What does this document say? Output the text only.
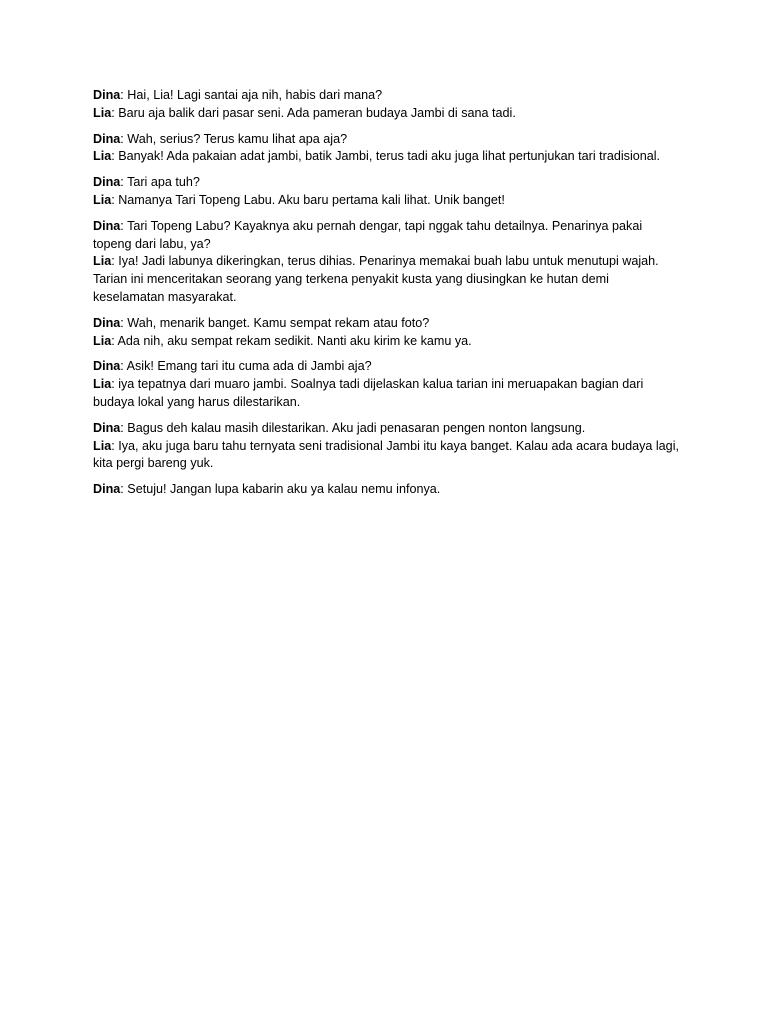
Dina: Hai, Lia! Lagi santai aja nih, habis dari mana?

Lia: Baru aja balik dari pasar seni. Ada pameran budaya Jambi di sana tadi.

Dina: Wah, serius? Terus kamu lihat apa aja?

Lia: Banyak! Ada pakaian adat jambi, batik Jambi, terus tadi aku juga lihat pertunjukan tari tradisional.

Dina: Tari apa tuh?

Lia: Namanya Tari Topeng Labu. Aku baru pertama kali lihat. Unik banget!

Dina: Tari Topeng Labu? Kayaknya aku pernah dengar, tapi nggak tahu detailnya. Penarinya pakai topeng dari labu, ya?

Lia: Iya! Jadi labunya dikeringkan, terus dihias. Penarinya memakai buah labu untuk menutupi wajah. Tarian ini menceritakan seorang yang terkena penyakit kusta yang diusingkan ke hutan demi keselamatan masyarakat.

Dina: Wah, menarik banget. Kamu sempat rekam atau foto?

Lia: Ada nih, aku sempat rekam sedikit. Nanti aku kirim ke kamu ya.

Dina: Asik! Emang tari itu cuma ada di Jambi aja?

Lia: iya tepatnya dari muaro jambi. Soalnya tadi dijelaskan kalua tarian ini meruapakan bagian dari budaya lokal yang harus dilestarikan.

Dina: Bagus deh kalau masih dilestarikan. Aku jadi penasaran pengen nonton langsung.

Lia: Iya, aku juga baru tahu ternyata seni tradisional Jambi itu kaya banget. Kalau ada acara budaya lagi, kita pergi bareng yuk.

Dina: Setuju! Jangan lupa kabarin aku ya kalau nemu infonya.
